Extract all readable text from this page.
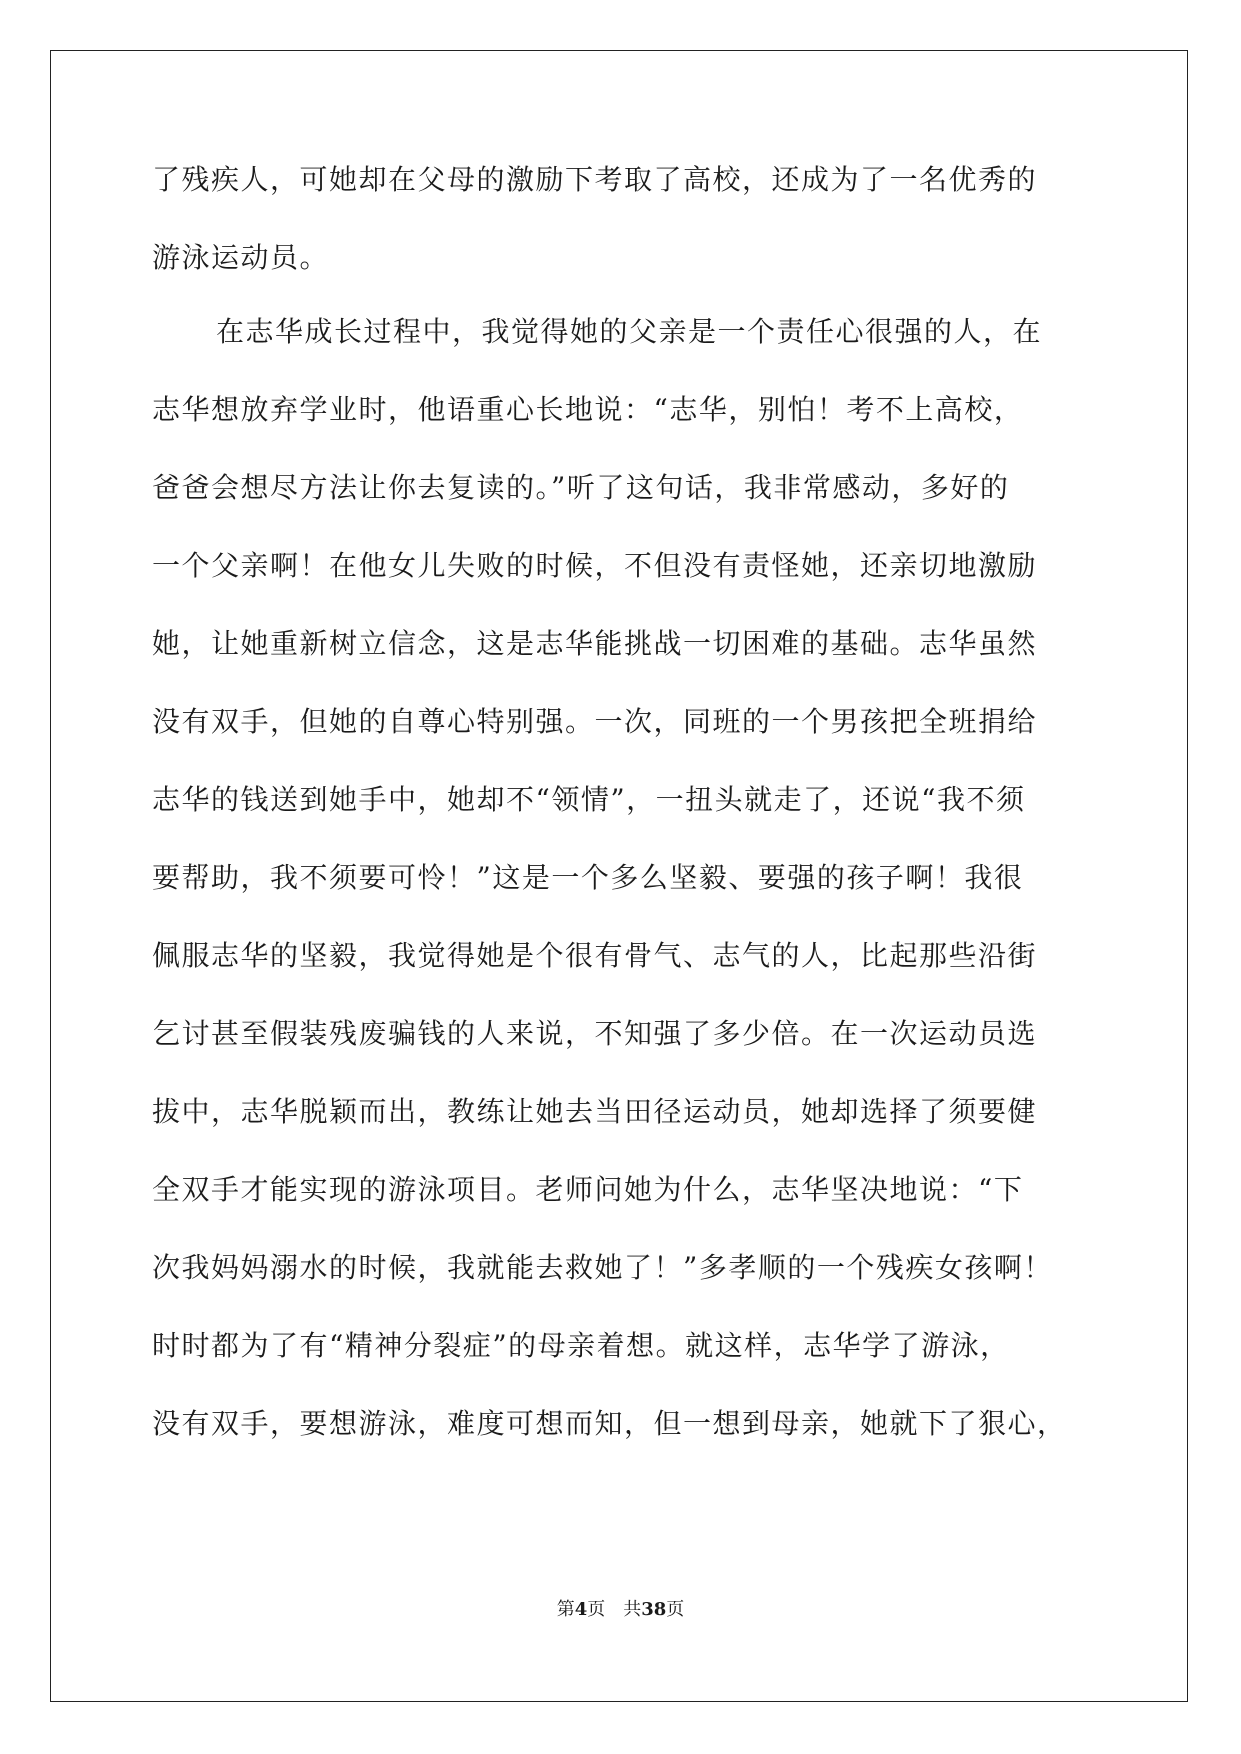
了残疾人，可她却在父母的激励下考取了高校，还成为了一名优秀的
游泳运动员。
在志华成长过程中，我觉得她的父亲是一个责任心很强的人，在
志华想放弃学业时，他语重心长地说：“志华，别怕！考不上高校，
爸爸会想尽方法让你去复读的。”听了这句话，我非常感动，多好的
一个父亲啊！在他女儿失败的时候，不但没有责怪她，还亲切地激励
她，让她重新树立信念，这是志华能挑战一切困难的基础。志华虽然
没有双手，但她的自尊心特别强。一次，同班的一个男孩把全班捐给
志华的钱送到她手中，她却不“领情”，一扭头就走了，还说“我不须
要帮助，我不须要可怜！”这是一个多么坚毅、要强的孩子啊！我很
佩服志华的坚毅，我觉得她是个很有骨气、志气的人，比起那些沿街
乞讨甚至假装残废骗钱的人来说，不知强了多少倍。在一次运动员选
拔中，志华脱颖而出，教练让她去当田径运动员，她却选择了须要健
全双手才能实现的游泳项目。老师问她为什么，志华坚决地说：“下
次我妈妈溺水的时候，我就能去救她了！”多孝顺的一个残疾女孩啊！
时时都为了有“精神分裂症”的母亲着想。就这样，志华学了游泳，
没有双手，要想游泳，难度可想而知，但一想到母亲，她就下了狠心，
第4页 共38页
